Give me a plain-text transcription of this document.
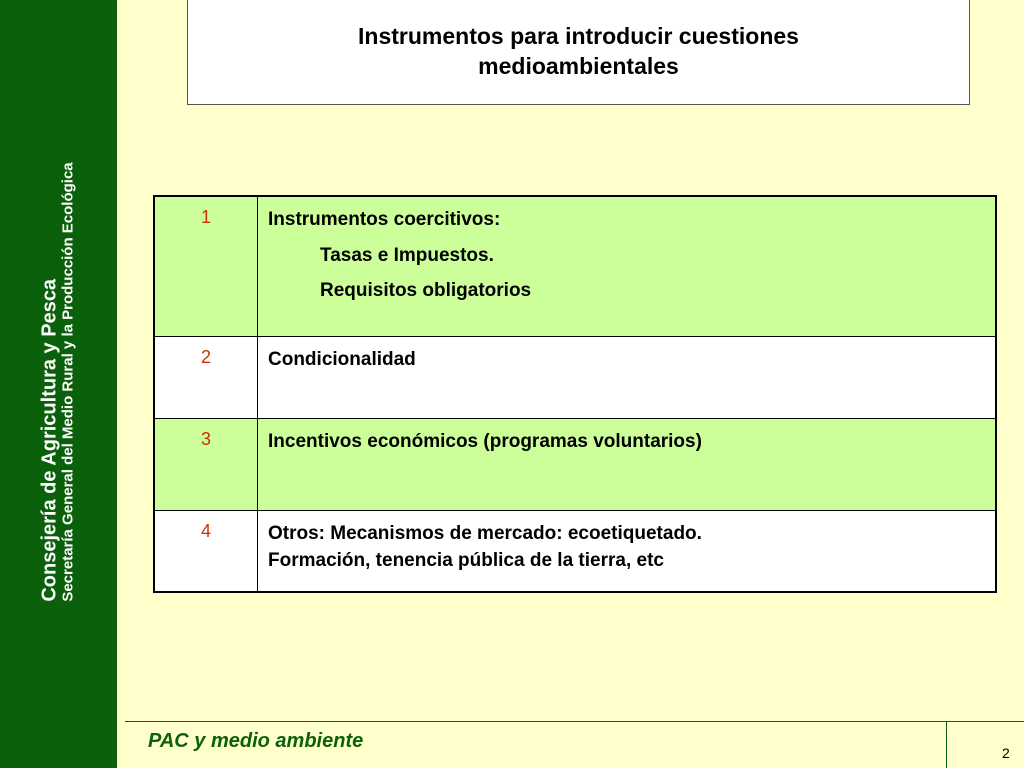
Consejería de Agricultura y Pesca Secretaría General del Medio Rural y la Producción Ecológica
Instrumentos para introducir cuestiones medioambientales
1	Instrumentos coercitivos:
Tasas e Impuestos.
Requisitos obligatorios

2	Condicionalidad

3	Incentivos económicos (programas voluntarios)

4	Otros: Mecanismos de mercado: ecoetiquetado.
Formación, tenencia pública de la tierra, etc
PAC y medio ambiente
2
